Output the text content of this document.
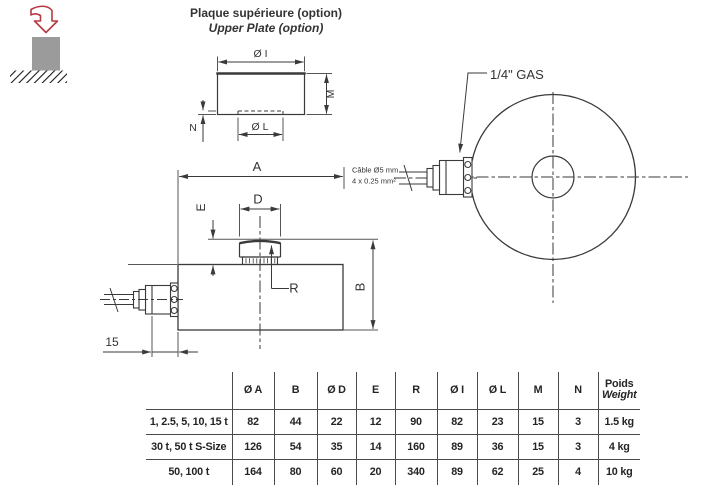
Ø I
M
N	Ø L
1/4" GAS
Câble Ø5 mm
4 x 0.25 mm²
A
D
E
R	B
15
Plaque supérieure (option)
Upper Plate (option)
	Ø A	B	Ø D	E	R	Ø I	Ø L	M	N	Poids
Weight
1, 2.5, 5, 10, 15 t	82	44	22	12	90	82	23	15	3	1.5 kg
30 t, 50 t S-Size	126	54	35	14	160	89	36	15	3	4 kg
50, 100 t	164	80	60	20	340	89	62	25	4	10 kg
